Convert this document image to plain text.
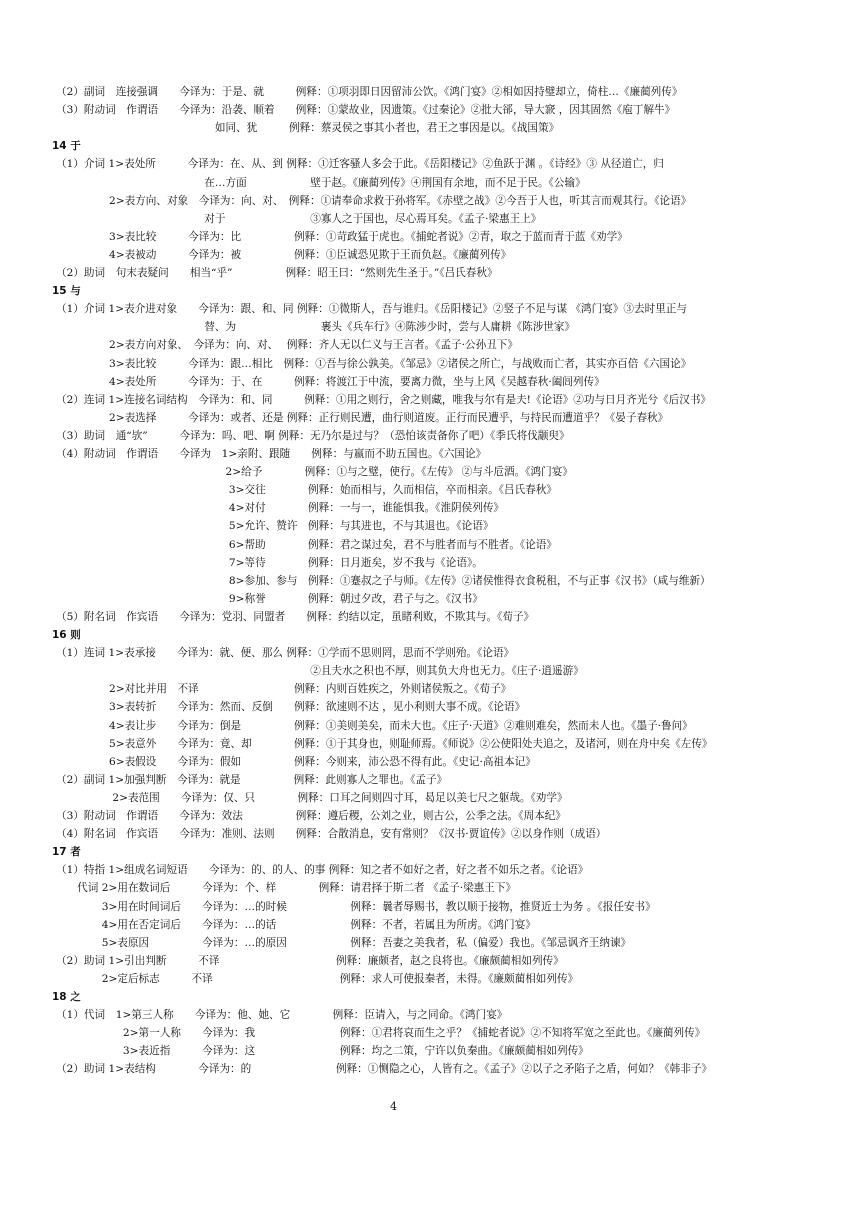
（2）副词　连接强调　　今译为：于是、就　　　例释：①项羽即日因留沛公饮。《鸿门宴》②相如因持璧却立，倚柱…《廉蔺列传》
（3）附动词　作谓语　　今译为：沿袭、顺着　　例释：①蒙故业，因遗策。《过秦论》②批大郤，导大窾 ，因其固然《庖丁解牛》
　　　　　　　　　　　　　　　如同、犹　　　例释：蔡灵侯之事其小者也，君王之事因是以。《战国策》
14 于
（1）介词 1>表处所　　　今译为：在、从、到 例释：①迁客骚人多会于此。《岳阳楼记》②鱼跃于渊 。《诗经》③ 从径道亡，归
　　　　　　　　　　　　　　在…方面　　　　　　壁于赵。《廉蔺列传》④荆国有余地，而不足于民。《公输》
　　　　　2>表方向、对象　今译为：向、对、　例释：①请奉命求救于孙将军。《赤壁之战》②今吾于人也，听其言而观其行。《论语》
　　　　　　　　　　　　　　对于　　　　　　　　③寡人之于国也，尽心焉耳矣。《孟子·梁惠王上》
　　　　　3>表比较　　　今译为：比　　　　　例释：①苛政猛于虎也。《捕蛇者说》②青，取之于蓝而青于蓝《劝学》
　　　　　4>表被动　　　今译为：被　　　　　例释：①臣诚恐见欺于王而负赵。《廉蔺列传》
（2）助词　句末表疑问　　相当“乎”　　　　　例释：昭王曰：“然则先生圣于。”《吕氏春秋》
15 与
（1）介词 1>表介进对象　　今译为：跟、和、同 例释：①微斯人，吾与谁归。《岳阳楼记》②竖子不足与谋 《鸿门宴》③去时里正与
　　　　　　　　　　　　　　替、为　　　　　　　　裹头《兵车行》④陈涉少时，尝与人庸耕《陈涉世家》
　　　　　2>表方向对象、　今译为：向、对、　 例释：齐人无以仁义与王言者。《孟子·公孙丑下》
　　　　　3>表比较　　　今译为：跟…相比　例释：①吾与徐公孰美。《邹忌》②诸侯之所亡，与战败而亡者，其实亦百倍《六国论》
　　　　　4>表处所　　　今译为：于、在　　　例释：将渡江于中流，要离力微，坐与上风《吴越春秋·阖闾列传》
（2）连词 1>连接名词结构　今译为：和、同　　　例释：①用之则行，舍之则藏，唯我与尔有是夫!《论语》②功与日月齐光兮《后汉书》
　　　　　2>表选择　　　今译为：或者、还是 例释：正行则民遭，曲行则道废。正行而民遭乎，与持民而遭道乎？《晏子春秋》
（3）助词　通“欤”　　　今译为：吗、吧、啊 例释：无乃尔是过与？（恐怕该责备你了吧）《季氏将伐颛臾》
（4）附动词　作谓语　　今译为　1>亲附、跟随　　例释：与嬴而不助五国也。《六国论》
　　　　　　　　　　　　　　　　2>给予　　　　例释：①与之璧，使行。《左传》 ②与斗卮酒。《鸿门宴》
　　　　　　　　　　　　　　　　 3>交往　　　　例释：始而相与，久而相信，卒而相亲。《吕氏春秋》
　　　　　　　　　　　　　　　　 4>对付　　　　例释：一与一，谁能惧我。《淮阴侯列传》
　　　　　　　　　　　　　　　　 5>允许、赞许　例释：与其进也，不与其退也。《论语》
　　　　　　　　　　　　　　　　 6>帮助　　　　例释：君之谋过矣，君不与胜者而与不胜者。《论语》
　　　　　　　　　　　　　　　　 7>等待　　　　例释：日月逝矣，岁不我与《论语》。
　　　　　　　　　　　　　　　　 8>参加、参与　例释：①蹇叔之子与师。《左传》②诸侯惟得衣食税租，不与正事《汉书》（咸与维新）
　　　　　　　　　　　　　　　　 9>称誉　　　　例释：朝过夕改，君子与之。《汉书》
（5）附名词　作宾语　　今译为：党羽、同盟者　　例释：约结以定，虽睹利败，不欺其与。《荀子》
16 则
（1）连词 1>表承接　　今译为：就、便、那么 例释：①学而不思则罔，思而不学则殆。《论语》
　　　　　　　　　　　　　　　　　　　　　　　　②且夫水之积也不厚，则其负大舟也无力。《庄子·逍遥游》
　　　　　2>对比并用　不译　　　　　　　　　例释：内则百姓疾之，外则诸侯叛之。《荀子》
　　　　　3>表转折　　今译为：然而、反倒　　例释：欲速则不达 ，见小利则大事不成。《论语》
　　　　　4>表让步　　今译为：倒是　　　　　例释：①美则美矣，而未大也。《庄子·天道》②难则难矣，然而未人也。《墨子·鲁问》
　　　　　5>表意外　　今译为：竟、却　　　　例释：①于其身也，则耻师焉。《师说》②公使阳处夫追之，及诸河，则在舟中矣《左传》
　　　　　6>表假设　　今译为：假如　　　　　例释：今则来，沛公恐不得有此。《史记·高祖本记》
（2）副词 1>加强判断　今译为：就是　　　　　例释：此则寡人之罪也。《孟子》
　　　　　 2>表范围　　今译为：仅、只　　　　例释：口耳之间则四寸耳，曷足以美七尺之躯哉。《劝学》
（3）附动词　作谓语　　今译为：效法　　　　　例释：遵后稷，公刘之业，则古公，公季之法。《周本纪》
（4）附名词　作宾语　　今译为：准则、法则　　例释：合散消息，安有常则？《汉书·贾谊传》②以身作则（成语）
17 者
（1）特指 1>组成名词短语　　今译为：的、的人、的事 例释：知之者不如好之者，好之者不如乐之者。《论语》
　　代词 2>用在数词后　　　今译为：个、样　　　　例释：请君择于斯二者 《孟子·梁惠王下》
　　　　 3>用在时间词后　　今译为：…的时候　　　　　　例释：曩者辱赐书，教以顺于接物，推贤近士为务 。《报任安书》
　　　　 4>用在否定词后　　今译为：…的话　　　　　　　例释：不者，若属且为所虏。《鸿门宴》
　　　　 5>表原因　　　　　今译为：…的原因　　　　　　例释：吾妻之美我者，私（偏爱）我也。《邹忌讽齐王纳谏》
（2）助词 1>引出判断　　　不译　　　　　　　　　　　例释：廉颇者，赵之良将也。《廉颇蔺相如列传》
　　　　 2>定后标志　　　不译　　　　　　　　　　　　例释：求人可使报秦者，未得。《廉颇蔺相如列传》
18 之
（1）代词　1>第三人称　　今译为：他、她、它　　　　例释：臣请入，与之同命。《鸿门宴》
　　　　　　 2>第一人称　　今译为：我　　　　　　　　例释：①君将哀而生之乎？《捕蛇者说》②不知将军宽之至此也。《廉蔺列传》
　　　　　　 3>表近指　　　今译为：这　　　　　　　　例释：均之二策，宁许以负秦曲。《廉颇蔺相如列传》
（2）助词 1>表结构　　　　今译为：的　　　　　　　　例释：①恻隐之心，人皆有之。《孟子》②以子之矛陷子之盾，何如？《韩非子》
4
